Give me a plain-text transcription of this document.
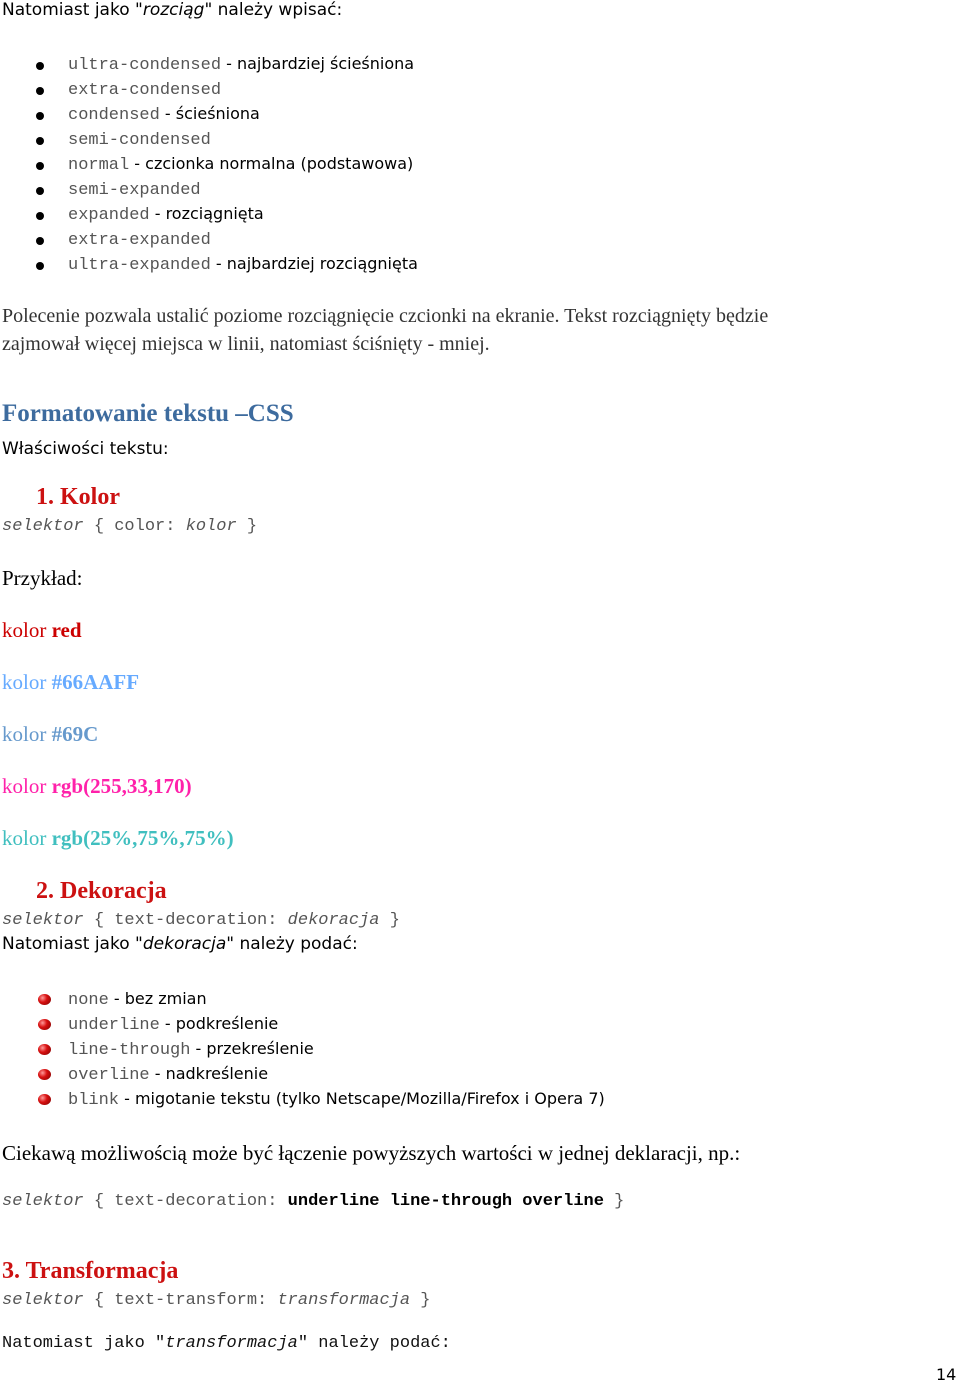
Natomiast jako "rozciąg" należy wpisać:
ultra-condensed - najbardziej ścieśniona
extra-condensed
condensed - ścieśniona
semi-condensed
normal - czcionka normalna (podstawowa)
semi-expanded
expanded - rozciągnięta
extra-expanded
ultra-expanded - najbardziej rozciągnięta
Polecenie pozwala ustalić poziome rozciągnięcie czcionki na ekranie. Tekst rozciągnięty będzie
zajmował więcej miejsca w linii, natomiast ściśnięty - mniej.
Formatowanie tekstu –CSS
Właściwości tekstu:
1. Kolor
selektor { color: kolor }
Przykład:
kolor red
kolor #66AAFF
kolor #69C
kolor rgb(255,33,170)
kolor rgb(25%,75%,75%)
2. Dekoracja
selektor { text-decoration: dekoracja }
Natomiast jako "dekoracja" należy podać:
none - bez zmian
underline - podkreślenie
line-through - przekreślenie
overline - nadkreślenie
blink - migotanie tekstu (tylko Netscape/Mozilla/Firefox i Opera 7)
Ciekawą możliwością może być łączenie powyższych wartości w jednej deklaracji, np.:
selektor { text-decoration: underline line-through overline }
3. Transformacja
selektor { text-transform: transformacja }
Natomiast jako "transformacja" należy podać:
14
